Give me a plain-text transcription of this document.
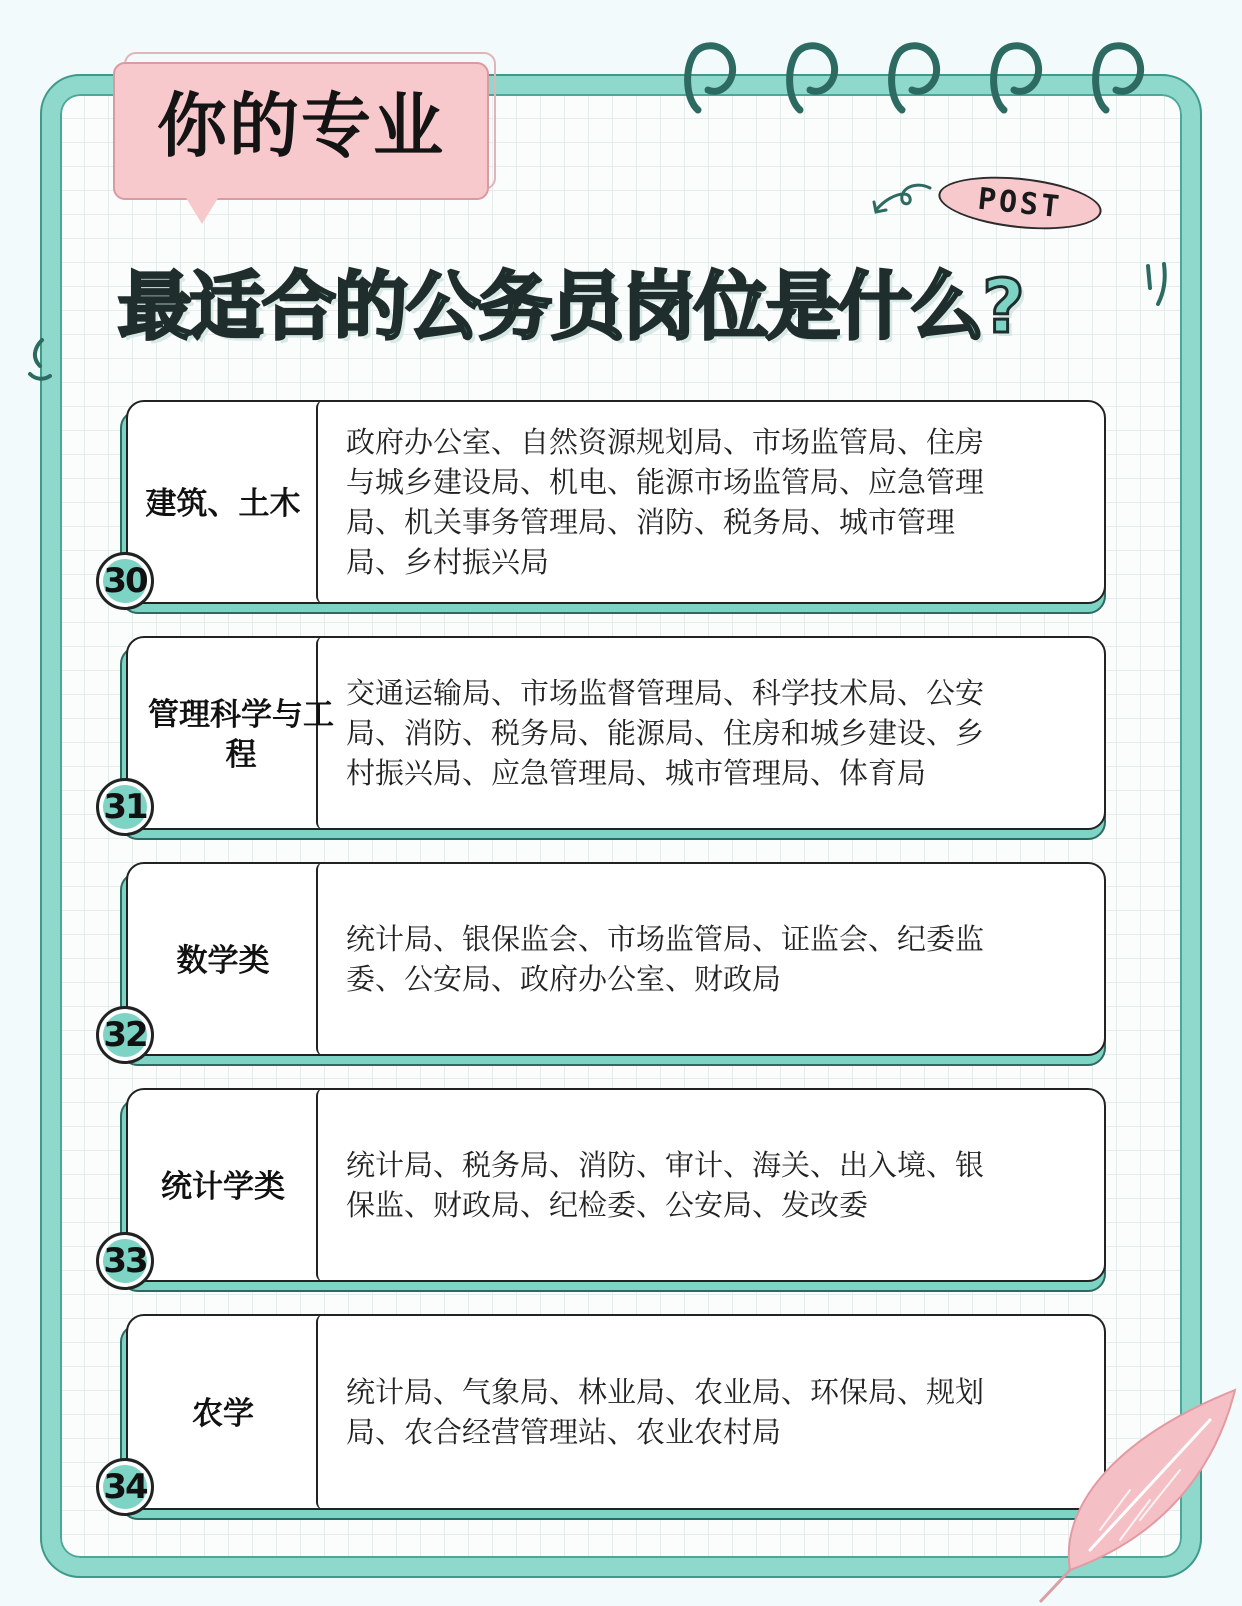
你的专业
POST
最适合的公务员岗位是什么?
建筑、土木
政府办公室、自然资源规划局、市场监管局、住房与城乡建设局、机电、能源市场监管局、应急管理局、机关事务管理局、消防、税务局、城市管理局、乡村振兴局
30
管理科学与工程
交通运输局、市场监督管理局、科学技术局、公安局、消防、税务局、能源局、住房和城乡建设、乡村振兴局、应急管理局、城市管理局、体育局
31
数学类
统计局、银保监会、市场监管局、证监会、纪委监委、公安局、政府办公室、财政局
32
统计学类
统计局、税务局、消防、审计、海关、出入境、银保监、财政局、纪检委、公安局、发改委
33
农学
统计局、气象局、林业局、农业局、环保局、规划局、农合经营管理站、农业农村局
34
